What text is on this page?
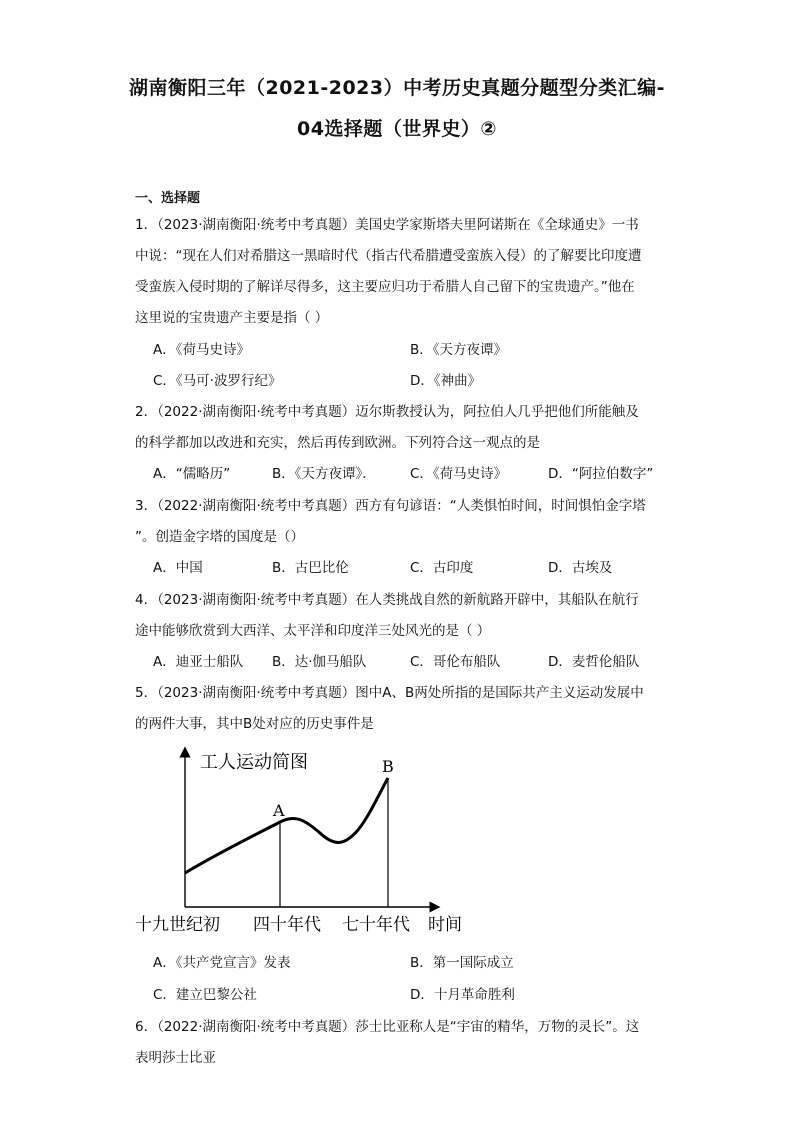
湖南衡阳三年（2021-2023）中考历史真题分题型分类汇编-
04选择题（世界史）②
一、选择题
1．（2023·湖南衡阳·统考中考真题）美国史学家斯塔夫里阿诺斯在《全球通史》一书
中说：“现在人们对希腊这一黑暗时代（指古代希腊遭受蛮族入侵）的了解要比印度遭
受蛮族入侵时期的了解详尽得多，这主要应归功于希腊人自己留下的宝贵遗产。”他在
这里说的宝贵遗产主要是指（ ）
A．《荷马史诗》	B．《天方夜谭》
C．《马可·波罗行纪》	D．《神曲》
2．（2022·湖南衡阳·统考中考真题）迈尔斯教授认为，阿拉伯人几乎把他们所能触及
的科学都加以改进和充实，然后再传到欧洲。下列符合这一观点的是
A．“儒略历”	B．《天方夜谭》．	C．《荷马史诗》	D．“阿拉伯数字”
3．（2022·湖南衡阳·统考中考真题）西方有句谚语：“人类惧怕时间，时间惧怕金字塔
”。创造金字塔的国度是（）
A．中国	B．古巴比伦	C．古印度	D．古埃及
4．（2023·湖南衡阳·统考中考真题）在人类挑战自然的新航路开辟中，其船队在航行
途中能够欣赏到大西洋、太平洋和印度洋三处风光的是（ ）
A．迪亚士船队 B．达·伽马船队	C．哥伦布船队	D．麦哲伦船队
5．（2023·湖南衡阳·统考中考真题）图中A、B两处所指的是国际共产主义运动发展中
的两件大事，其中B处对应的历史事件是
工人运动简图
A
B
十九世纪初 四十年代 七十年代 时间
A．《共产党宣言》发表	B．第一国际成立
C．建立巴黎公社	D．十月革命胜利
6．（2022·湖南衡阳·统考中考真题）莎士比亚称人是“宇宙的精华，万物的灵长”。这
表明莎士比亚
